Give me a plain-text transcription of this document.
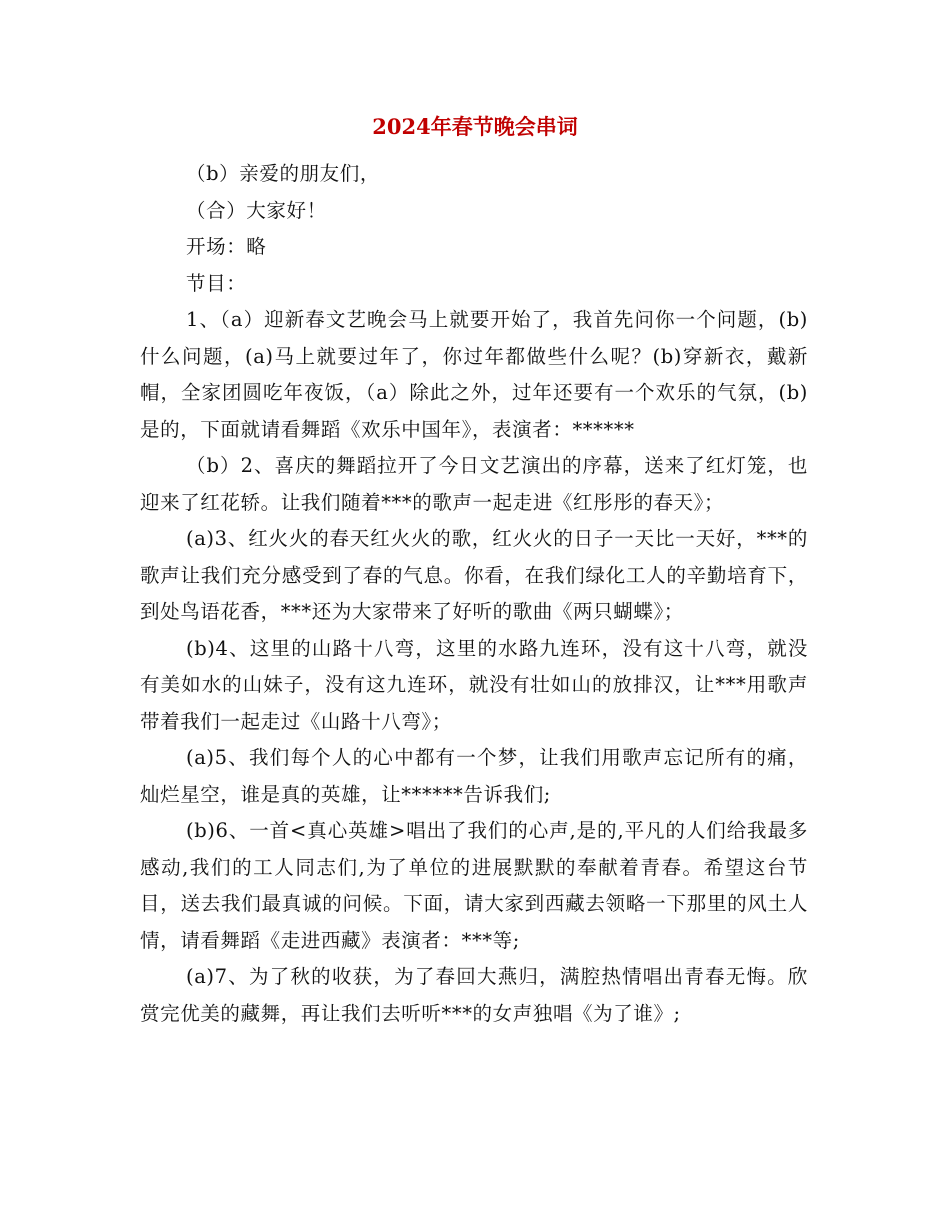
2024年春节晚会串词

（b）亲爱的朋友们，

（合）大家好！

开场：略

节目：

1、（a）迎新春文艺晚会马上就要开始了，我首先问你一个问题，(b)什么问题，(a)马上就要过年了，你过年都做些什么呢？(b)穿新衣，戴新帽，全家团圆吃年夜饭，（a）除此之外，过年还要有一个欢乐的气氛，(b)是的，下面就请看舞蹈《欢乐中国年》，表演者：******

（b）2、喜庆的舞蹈拉开了今日文艺演出的序幕，送来了红灯笼，也迎来了红花轿。让我们随着***的歌声一起走进《红彤彤的春天》；

(a)3、红火火的春天红火火的歌，红火火的日子一天比一天好，***的歌声让我们充分感受到了春的气息。你看，在我们绿化工人的辛勤培育下，到处鸟语花香，***还为大家带来了好听的歌曲《两只蝴蝶》；

(b)4、这里的山路十八弯，这里的水路九连环，没有这十八弯，就没有美如水的山妹子，没有这九连环，就没有壮如山的放排汉，让***用歌声带着我们一起走过《山路十八弯》；

(a)5、我们每个人的心中都有一个梦，让我们用歌声忘记所有的痛，灿烂星空，谁是真的英雄，让******告诉我们;

(b)6、一首<真心英雄>唱出了我们的心声,是的,平凡的人们给我最多感动,我们的工人同志们,为了单位的进展默默的奉献着青春。希望这台节目，送去我们最真诚的问候。下面，请大家到西藏去领略一下那里的风土人情，请看舞蹈《走进西藏》表演者：***等;

(a)7、为了秋的收获，为了春回大燕归，满腔热情唱出青春无悔。欣赏完优美的藏舞，再让我们去听听***的女声独唱《为了谁》;
